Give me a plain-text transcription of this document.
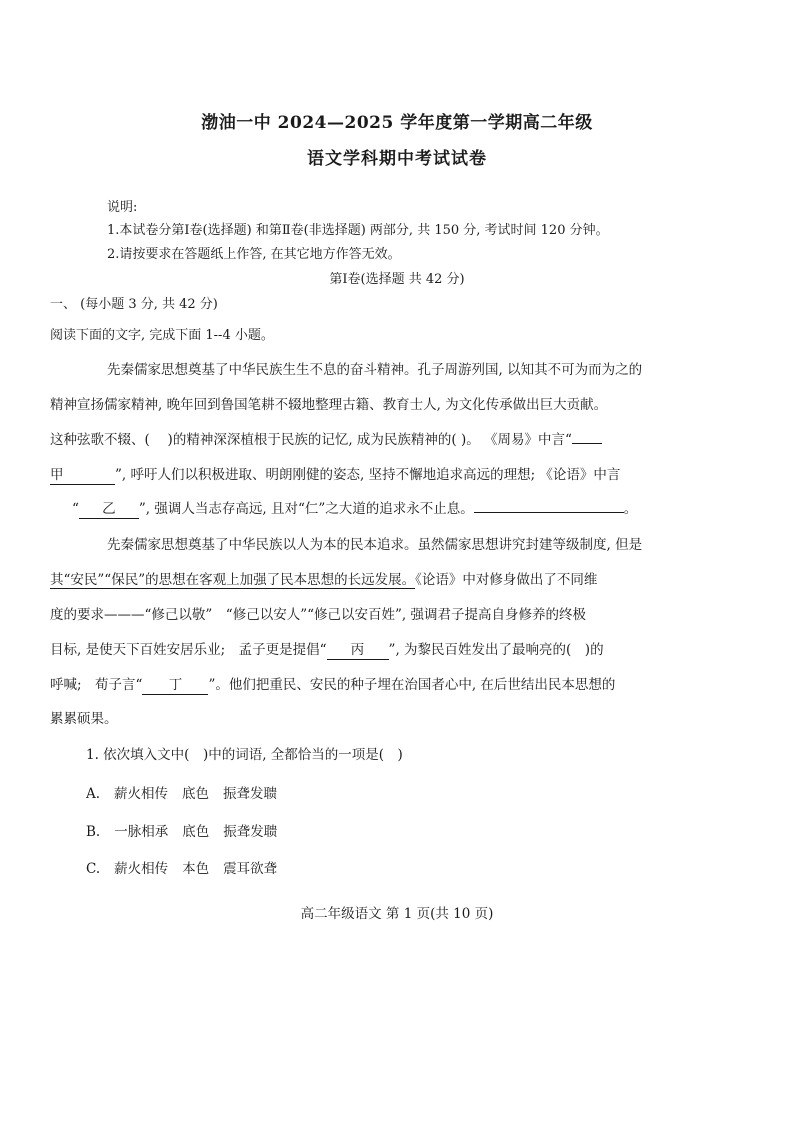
渤油一中 2024—2025 学年度第一学期高二年级
语文学科期中考试试卷
说明:
1.本试卷分第Ⅰ卷(选择题) 和第Ⅱ卷(非选择题) 两部分, 共 150 分, 考试时间 120 分钟。
2.请按要求在答题纸上作答, 在其它地方作答无效。
第Ⅰ卷(选择题 共 42 分)
一、 (每小题 3 分, 共 42 分)
阅读下面的文字, 完成下面 1--4 小题。
先秦儒家思想奠基了中华民族生生不息的奋斗精神。孔子周游列国, 以知其不可为而为之的
精神宣扬儒家精神, 晚年回到鲁国笔耕不辍地整理古籍、教育士人, 为文化传承做出巨大贡献。
这种弦歌不辍、(　 )的精神深深植根于民族的记忆, 成为民族精神的( )。 《周易》中言“
甲	”, 呼吁人们以积极进取、明朗刚健的姿态, 坚持不懈地追求高远的理想; 《论语》中言
“ 乙 ”, 强调人当志存高远, 且对“仁”之大道的追求永不止息。	。
先秦儒家思想奠基了中华民族以人为本的民本追求。虽然儒家思想讲究封建等级制度, 但是
其“安民”“保民”的思想在客观上加强了民本思想的长远发展。《论语》中对修身做出了不同维
度的要求———“修己以敬”　“修己以安人”“修己以安百姓”, 强调君子提高自身修养的终极
目标, 是使天下百姓安居乐业;　孟子更是提倡“ 丙 ”, 为黎民百姓发出了最响亮的(　)的
呼喊;　荀子言“ 丁 ”。他们把重民、安民的种子埋在治国者心中, 在后世结出民本思想的
累累硕果。
1. 依次填入文中(　)中的词语, 全都恰当的一项是(　)
A. 薪火相传 底色 振聋发聩
B. 一脉相承 底色 振聋发聩
C. 薪火相传 本色 震耳欲聋
高二年级语文 第 1 页(共 10 页)
